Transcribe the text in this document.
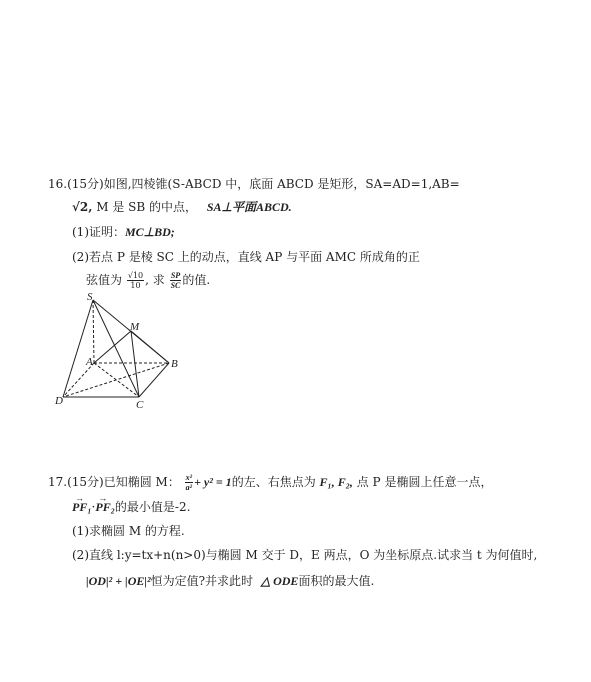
16.(15分)如图,四棱锥(S-ABCD 中，底面 ABCD 是矩形，SA=AD=1,AB=
√2, M 是 SB 的中点， SA⊥平面ABCD.
(1)证明：MC⊥BD;
(2)若点 P 是棱 SC 上的动点，直线 AP 与平面 AMC 所成角的正
弦值为 $\frac{√10}{10}$ , 求 $\frac{SP}{SC}$ 的值.
S
M
A	B
C
D
17.(15分)已知椭圆 M： $\frac{\text{x²}}{\text{a²}} + y^2 = 1$的左、右焦点为 F₁, F₂, 点 P 是椭圆上任意一点，
→ PF₁·→ PF₂的最小值是-2.
(1)求椭圆 M 的方程.
(2)直线 l:y=tx+n(n>0)与椭圆 M 交于 D，E 两点，O 为坐标原点.试求当 t 为何值时,
|OD|² + |OE|²恒为定值?并求此时 △ ODE面积的最大值.
